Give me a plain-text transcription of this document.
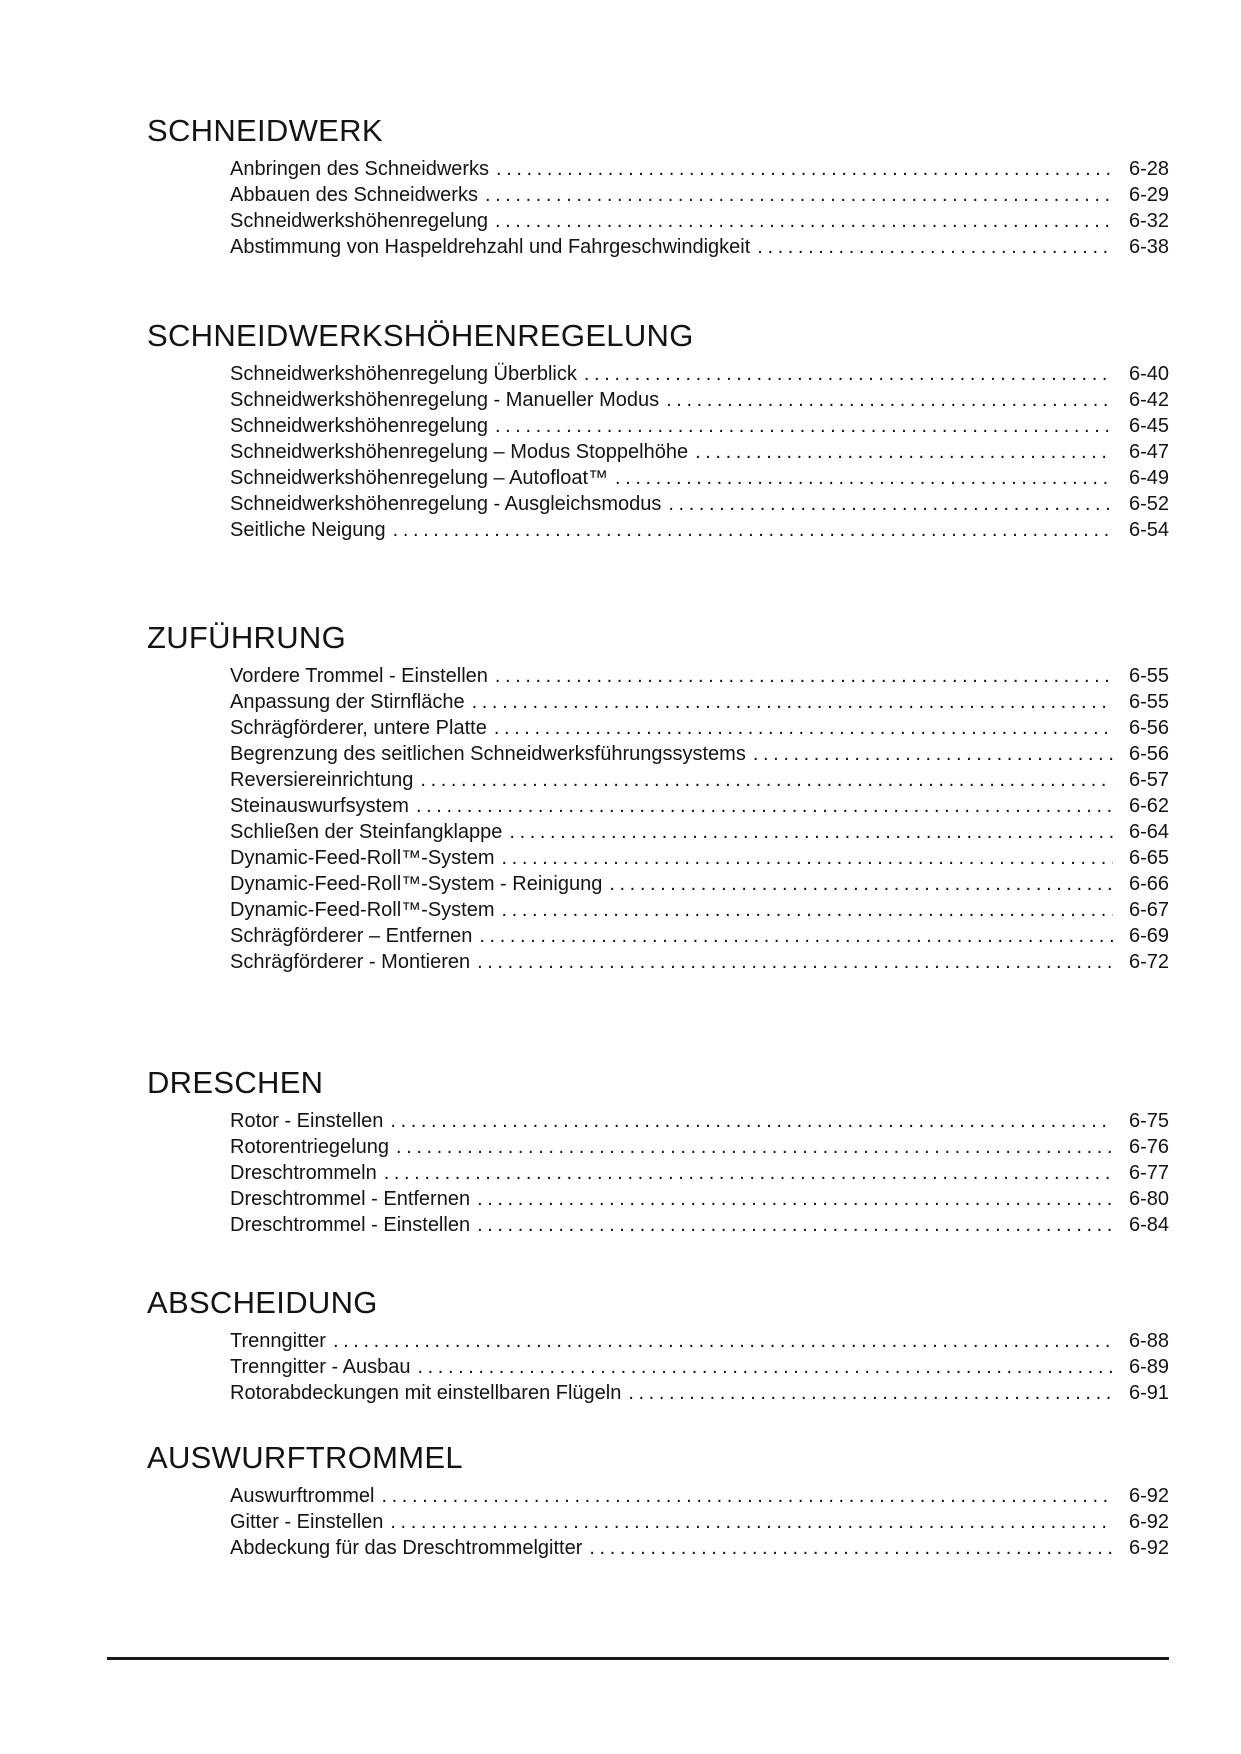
SCHNEIDWERK
Anbringen des Schneidwerks .....	6-28
Abbauen des Schneidwerks .....	6-29
Schneidwerkshöhenregelung .....	6-32
Abstimmung von Haspeldrehzahl und Fahrgeschwindigkeit .....	6-38
SCHNEIDWERKSHÖHENREGELUNG
Schneidwerkshöhenregelung Überblick .....	6-40
Schneidwerkshöhenregelung - Manueller Modus .....	6-42
Schneidwerkshöhenregelung .....	6-45
Schneidwerkshöhenregelung – Modus Stoppelhöhe .....	6-47
Schneidwerkshöhenregelung – Autofloat™ .....	6-49
Schneidwerkshöhenregelung - Ausgleichsmodus .....	6-52
Seitliche Neigung .....	6-54
ZUFÜHRUNG
Vordere Trommel - Einstellen .....	6-55
Anpassung der Stirnfläche .....	6-55
Schrägförderer, untere Platte .....	6-56
Begrenzung des seitlichen Schneidwerksführungssystems .....	6-56
Reversiereinrichtung .....	6-57
Steinauswurfsystem .....	6-62
Schließen der Steinfangklappe .....	6-64
Dynamic-Feed-Roll™-System .....	6-65
Dynamic-Feed-Roll™-System - Reinigung .....	6-66
Dynamic-Feed-Roll™-System .....	6-67
Schrägförderer – Entfernen .....	6-69
Schrägförderer - Montieren .....	6-72
DRESCHEN
Rotor - Einstellen .....	6-75
Rotorentriegelung .....	6-76
Dreschtrommeln .....	6-77
Dreschtrommel - Entfernen .....	6-80
Dreschtrommel - Einstellen .....	6-84
ABSCHEIDUNG
Trenngitter .....	6-88
Trenngitter - Ausbau .....	6-89
Rotorabdeckungen mit einstellbaren Flügeln .....	6-91
AUSWURFTROMMEL
Auswurftrommel .....	6-92
Gitter - Einstellen .....	6-92
Abdeckung für das Dreschtrommelgitter .....	6-92
